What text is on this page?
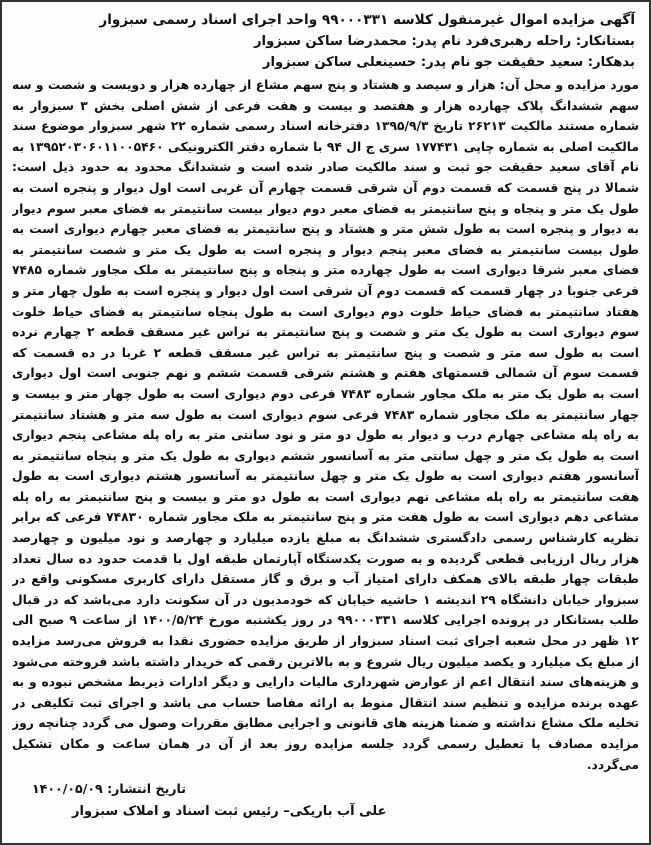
آگهی مزایده اموال غیرمنقول کلاسه ۹۹۰۰۰۳۳۱ واحد اجرای اسناد رسمی سبزوار
بستانکار: راحله رهبری‌فرد نام پدر: محمدرضا ساکن سبزوار
بدهکار: سعید حقیقت جو نام پدر: حسینعلی ساکن سبزوار
مورد مزایده و محل آن: هزار و سیصد و هشتاد و پنج سهم مشاع از چهارده هزار و دویست و شصت و سه سهم ششدانگ پلاک چهارده هزار و هفتصد و بیست و هفت فرعی از شش اصلی بخش ۳ سبزوار به شماره مستند مالکیت ۲۶۲۱۳ تاریخ ۱۳۹۵/۹/۳ دفترخانه اسناد رسمی شماره ۲۲ شهر سبزوار موضوع سند مالکیت اصلی به شماره چاپی ۱۷۷۴۳۱ سری ج ال ۹۴ با شماره دفتر الکترونیکی ۱۳۹۵۲۰۳۰۶۰۱۱۰۰۵۴۶۰ به نام آقای سعید حقیقت جو ثبت و سند مالکیت صادر شده است و ششدانگ محدود به حدود ذیل است: شمالا در پنج قسمت که قسمت دوم آن شرقی قسمت چهارم آن غربی است اول دیوار و پنجره است به طول یک متر و پنجاه و پنج سانتیمتر به فضای معبر دوم دیوار بیست سانتیمتر به فضای معبر سوم دیوار به دیوار و پنجره است به طول شش متر و هشتاد و پنج سانتیمتر به فضای معبر چهارم دیواری است به طول بیست سانتیمتر به فضای معبر پنجم دیوار و پنجره است به طول یک متر و شصت سانتیمتر به فضای معبر شرقا دیواری است به طول چهارده متر و پنجاه و پنج سانتیمتر به ملک مجاور شماره ۷۴۸۵ فرعی جنوبا در چهار قسمت که قسمت دوم آن شرقی است اول دیوار و پنجره است به طول چهار متر و هفتاد سانتیمتر به فضای حیاط خلوت دوم دیواری است به طول پنجاه سانتیمتر به فضای حیاط خلوت سوم دیواری است به طول یک متر و شصت و پنج سانتیمتر به تراس غیر مسقف قطعه ۲ چهارم نرده است به طول سه متر و شصت و پنج سانتیمتر به تراس غیر مسقف قطعه ۲ غربا در ده قسمت که قسمت سوم آن شمالی قسمتهای هفتم و هشتم شرقی قسمت ششم و نهم جنوبی است اول دیواری است به طول یک متر به ملک مجاور شماره ۷۴۸۳ فرعی دوم دیواری است به طول چهار متر و بیست و چهار سانتیمتر به ملک مجاور شماره ۷۴۸۳ فرعی سوم دیواری است به طول سه متر و هشتاد سانتیمتر به راه پله مشاعی چهارم درب و دیوار به طول دو متر و نود سانتی متر به راه پله مشاعی پنجم دیواری است به طول یک متر و چهل سانتی متر به آسانسور ششم دیواری به طول یک متر و پنجاه سانتیمتر به آسانسور هفتم دیواری است به طول یک متر و چهل سانتیمتر به آسانسور هشتم دیواری است به طول هفت سانتیمتر به راه پله مشاعی نهم دیواری است به طول دو متر و بیست و پنج سانتیمتر به راه پله مشاعی دهم دیواری است به طول هفت متر و پنج سانتیمتر به ملک مجاور شماره ۷۴۸۳۰ فرعی که برابر نظریه کارشناس رسمی دادگستری ششدانگ به مبلغ یازده میلیارد و چهارصد و نود میلیون و چهارصد هزار ریال ارزیابی قطعی گردیده و به صورت یکدستگاه آپارتمان طبقه اول با قدمت حدود ده سال تعداد طبقات چهار طبقه بالای همکف دارای امتیاز آب و برق و گاز مستقل دارای کاربری مسکونی واقع در سبزوار خیابان دانشگاه ۲۹ اندیشه ۱ حاشیه خیابان که خودمدیون در آن سکونت دارد می‌باشد که در قبال طلب بستانکار در پرونده اجرایی کلاسه ۹۹۰۰۰۳۳۱ در روز یکشنبه مورخ ۱۴۰۰/۵/۲۴ از ساعت ۹ صبح الی ۱۲ ظهر در محل شعبه اجرای ثبت اسناد سبزوار از طریق مزایده حضوری نقدا به فروش می‌رسد مزایده از مبلغ یک میلیارد و یکصد میلیون ریال شروع و به بالاترین رقمی که خریدار داشته باشد فروخته می‌شود و هزینه‌های سند انتقال اعم از عوارض شهرداری مالیات دارایی و دیگر ادارات ذیربط مشخص نبوده و به عهده برنده مزایده و تنظیم سند انتقال منوط به ارائه مفاصا حساب می باشد و اجرای ثبت تکلیفی در تخلیه ملک مشاع نداشته و ضمنا هزینه های قانونی و اجرایی مطابق مقررات وصول می گردد چنانچه روز مزایده مصادف با تعطیل رسمی گردد جلسه مزایده روز بعد از آن در همان ساعت و مکان تشکیل می‌گردد.
تاریخ انتشار: ۱۴۰۰/۰۵/۰۹
علی آب باریکی– رئیس ثبت اسناد و املاک سبزوار
